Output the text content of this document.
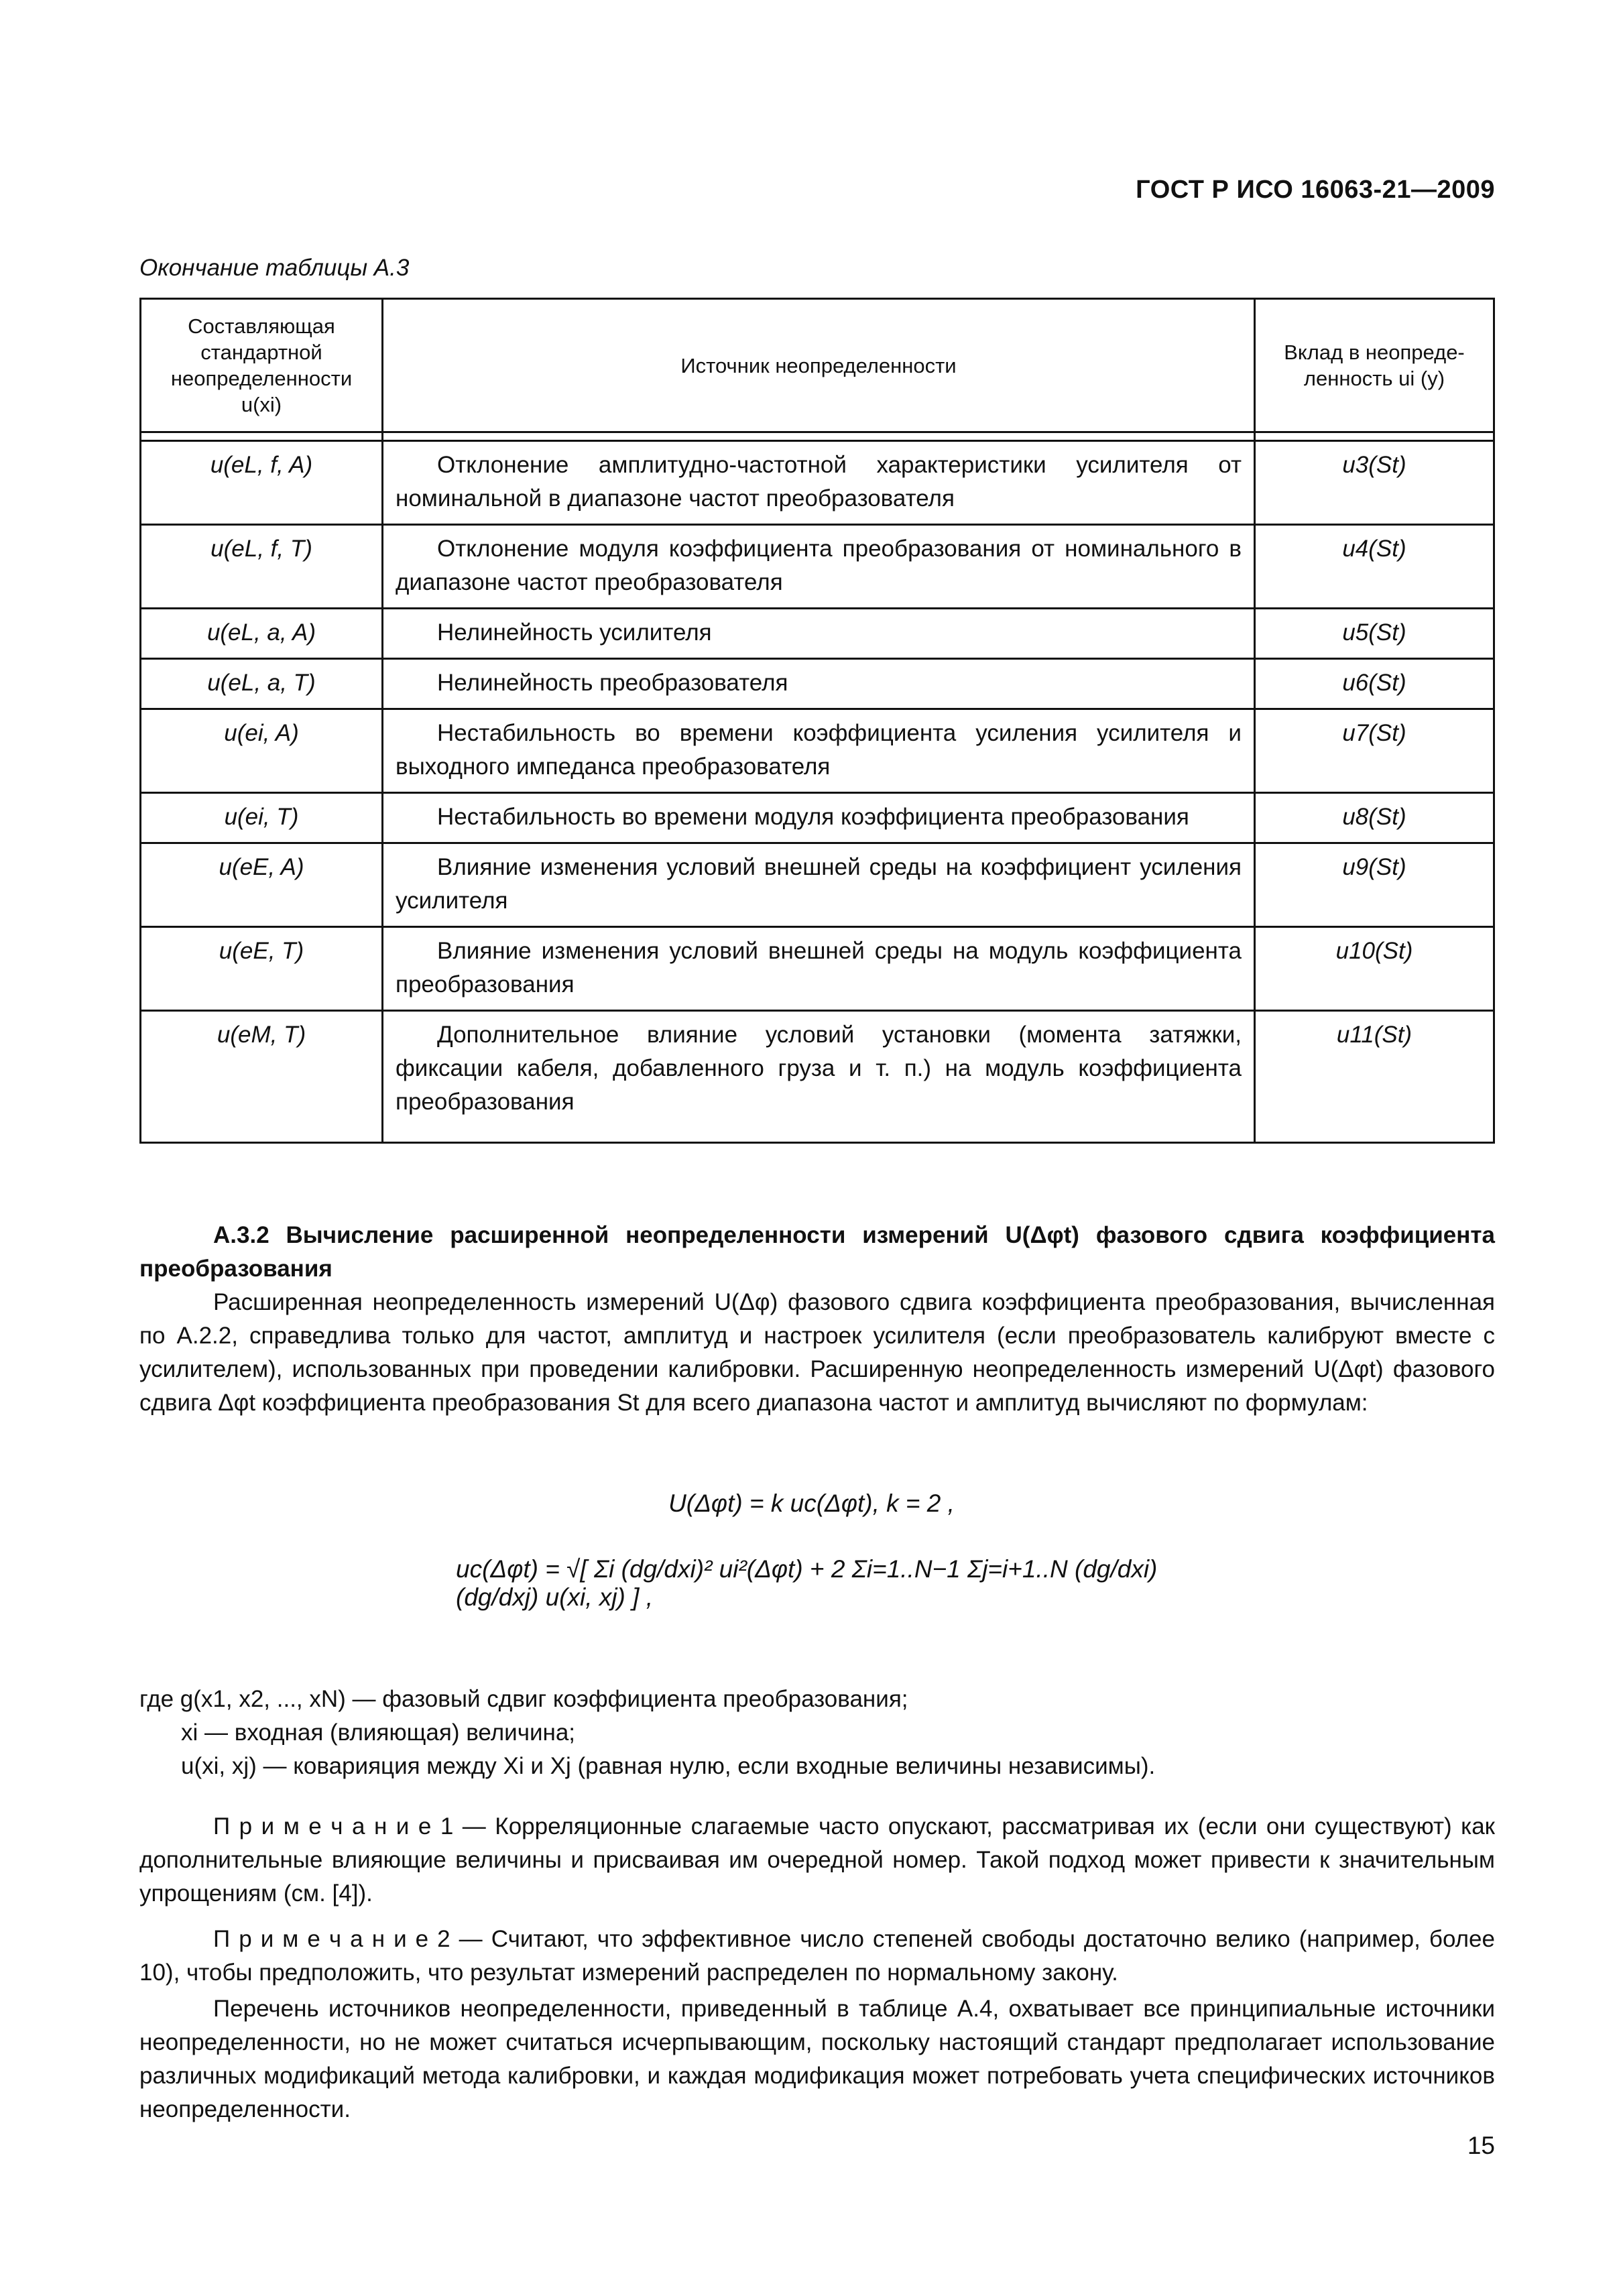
ГОСТ Р ИСО 16063-21—2009
Окончание таблицы А.3
Составляющая стандартной неопределенности u(xi)	Источник неопределенности	Вклад в неопреде-ленность ui (y)

u(eL, f, A)	Отклонение амплитудно-частотной характеристики усилителя от номинальной в диапазоне частот преобразователя	u3(St)
u(eL, f, T)	Отклонение модуля коэффициента преобразования от номинального в диапазоне частот преобразователя	u4(St)
u(eL, a, A)	Нелинейность усилителя	u5(St)
u(eL, a, T)	Нелинейность преобразователя	u6(St)
u(ei, A)	Нестабильность во времени коэффициента усиления усилителя и выходного импеданса преобразователя	u7(St)
u(ei, T)	Нестабильность во времени модуля коэффициента преобразования	u8(St)
u(eE, A)	Влияние изменения условий внешней среды на коэффициент усиления усилителя	u9(St)
u(eE, T)	Влияние изменения условий внешней среды на модуль коэффициента преобразования	u10(St)
u(eM, T)	Дополнительное влияние условий установки (момента затяжки, фиксации кабеля, добавленного груза и т. п.) на модуль коэффициента преобразования	u11(St)
А.3.2 Вычисление расширенной неопределенности измерений U(Δφt) фазового сдвига коэффициента преобразования
Расширенная неопределенность измерений U(Δφ) фазового сдвига коэффициента преобразования, вычисленная по А.2.2, справедлива только для частот, амплитуд и настроек усилителя (если преобразователь калибруют вместе с усилителем), использованных при проведении калибровки. Расширенную неопределенность измерений U(Δφt) фазового сдвига Δφt коэффициента преобразования St для всего диапазона частот и амплитуд вычисляют по формулам:
U(Δφt) = k uc(Δφt), k = 2 ,
uc(Δφt) = √[ Σi (dg/dxi)² ui²(Δφt) + 2 Σi=1..N−1 Σj=i+1..N (dg/dxi)(dg/dxj) u(xi, xj) ] ,
где g(x1, x2, ..., xN) — фазовый сдвиг коэффициента преобразования;
xi — входная (влияющая) величина;
u(xi, xj) — коварияция между Xi и Xj (равная нулю, если входные величины независимы).
П р и м е ч а н и е 1 — Корреляционные слагаемые часто опускают, рассматривая их (если они существуют) как дополнительные влияющие величины и присваивая им очередной номер. Такой подход может привести к значительным упрощениям (см. [4]).
П р и м е ч а н и е 2 — Считают, что эффективное число степеней свободы достаточно велико (например, более 10), чтобы предположить, что результат измерений распределен по нормальному закону.
Перечень источников неопределенности, приведенный в таблице А.4, охватывает все принципиальные источники неопределенности, но не может считаться исчерпывающим, поскольку настоящий стандарт предполагает использование различных модификаций метода калибровки, и каждая модификация может потребовать учета специфических источников неопределенности.
15
